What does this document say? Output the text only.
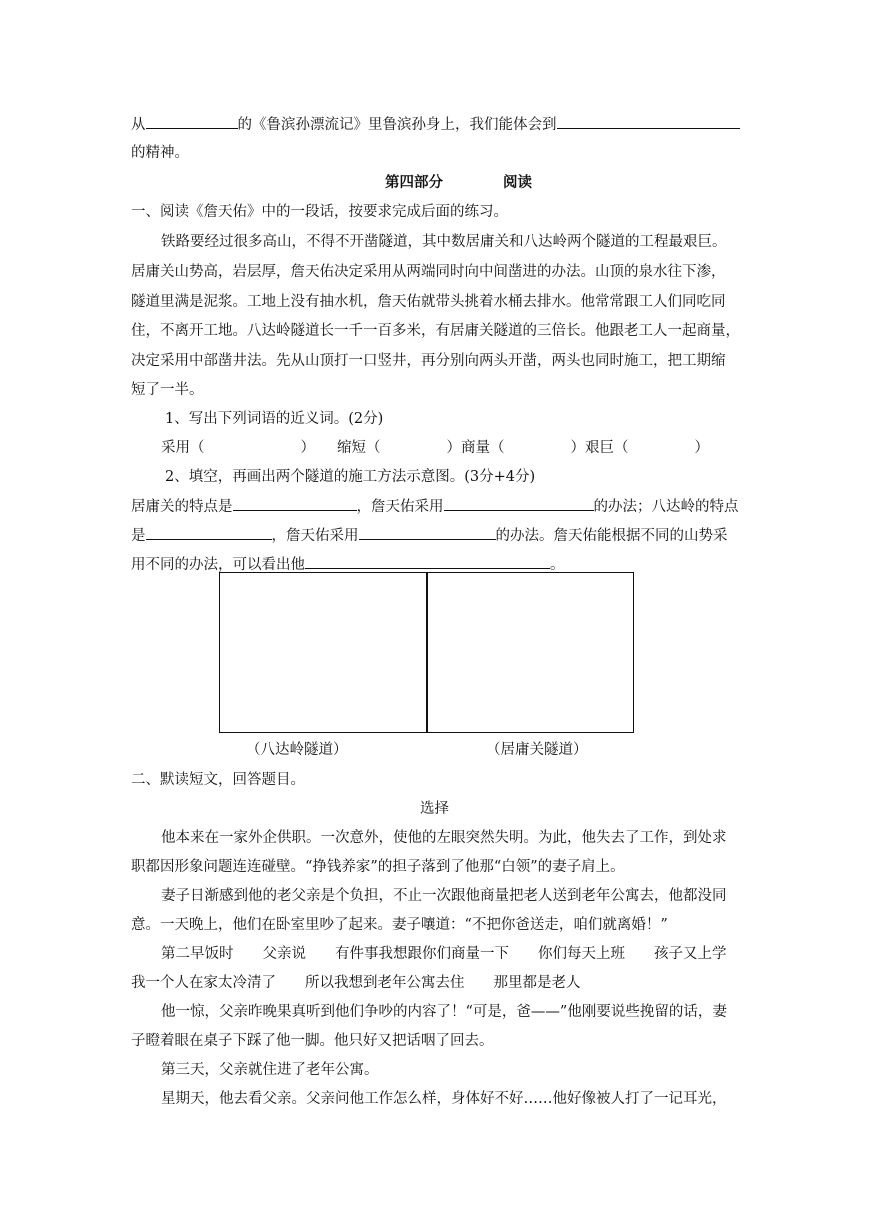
从	的《鲁滨孙漂流记》里鲁滨孙身上，我们能体会到
的精神。
第四部分	阅读
一、阅读《詹天佑》中的一段话，按要求完成后面的练习。
铁路要经过很多高山，不得不开凿隧道，其中数居庸关和八达岭两个隧道的工程最艰巨。
居庸关山势高，岩层厚，詹天佑决定采用从两端同时向中间凿进的办法。山顶的泉水往下渗，
隧道里满是泥浆。工地上没有抽水机，詹天佑就带头挑着水桶去排水。他常常跟工人们同吃同
住，不离开工地。八达岭隧道长一千一百多米，有居庸关隧道的三倍长。他跟老工人一起商量，
决定采用中部凿井法。先从山顶打一口竖井，再分别向两头开凿，两头也同时施工，把工期缩
短了一半。
1、写出下列词语的近义词。(2分)
采用（	） 缩短（	）商量（	）艰巨（	）
2、填空，再画出两个隧道的施工方法示意图。(3分+4分)
居庸关的特点是	，詹天佑采用	的办法；八达岭的特点
是	，詹天佑采用	的办法。詹天佑能根据不同的山势采
用不同的办法，可以看出他	。
（八达岭隧道）	（居庸关隧道）
二、默读短文，回答题目。
选择
他本来在一家外企供职。一次意外，使他的左眼突然失明。为此，他失去了工作，到处求
职都因形象问题连连碰壁。“挣钱养家”的担子落到了他那“白领”的妻子肩上。
妻子日渐感到他的老父亲是个负担，不止一次跟他商量把老人送到老年公寓去，他都没同
意。一天晚上，他们在卧室里吵了起来。妻子嚷道：“不把你爸送走，咱们就离婚！”
第二早饭时 父亲说 有件事我想跟你们商量一下 你们每天上班 孩子又上学
我一个人在家太冷清了 所以我想到老年公寓去住 那里都是老人
他一惊，父亲昨晚果真听到他们争吵的内容了！“可是，爸——”他刚要说些挽留的话，妻
子瞪着眼在桌子下踩了他一脚。他只好又把话咽了回去。
第三天，父亲就住进了老年公寓。
星期天，他去看父亲。父亲问他工作怎么样，身体好不好……他好像被人打了一记耳光，
